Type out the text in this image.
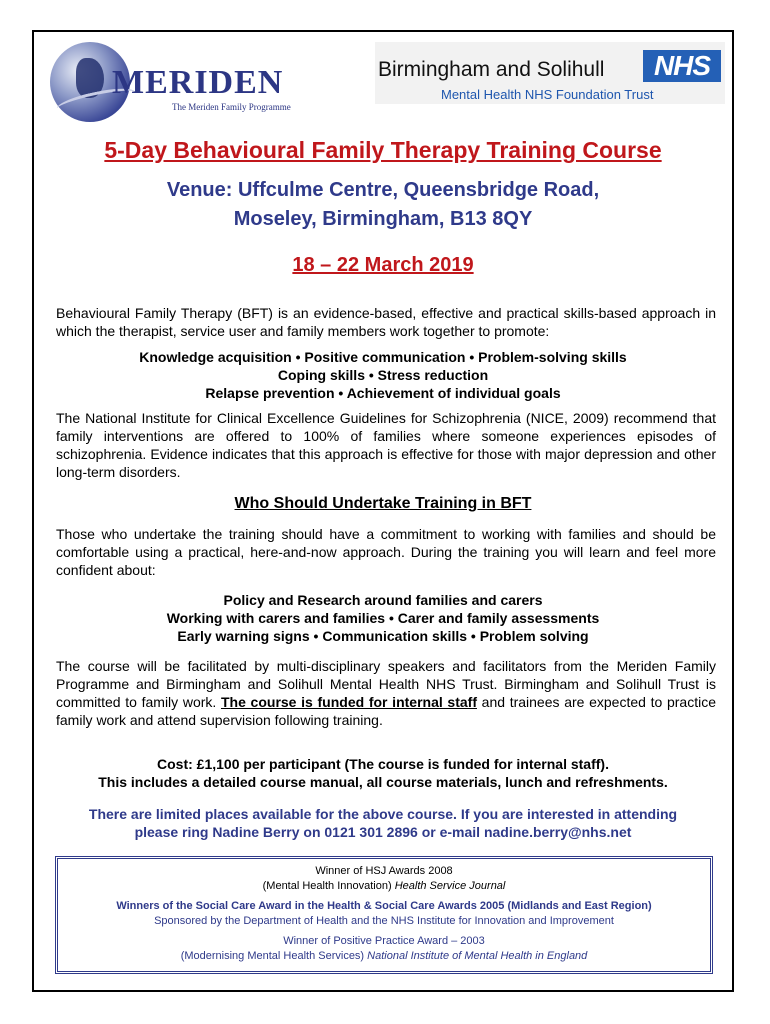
MERIDEN
The Meriden Family Programme
Birmingham and Solihull	NHS
Mental Health NHS Foundation Trust
5-Day Behavioural Family Therapy Training Course
Venue: Uffculme Centre, Queensbridge Road,
Moseley, Birmingham, B13 8QY
18 – 22 March 2019

Behavioural Family Therapy (BFT) is an evidence-based, effective and practical skills-based approach in which the therapist, service user and family members work together to promote:

Knowledge acquisition • Positive communication • Problem-solving skills
Coping skills • Stress reduction
Relapse prevention • Achievement of individual goals

The National Institute for Clinical Excellence Guidelines for Schizophrenia (NICE, 2009) recommend that family interventions are offered to 100% of families where someone experiences episodes of schizophrenia. Evidence indicates that this approach is effective for those with major depression and other long-term disorders.

Who Should Undertake Training in BFT

Those who undertake the training should have a commitment to working with families and should be comfortable using a practical, here-and-now approach. During the training you will learn and feel more confident about:

Policy and Research around families and carers
Working with carers and families • Carer and family assessments
Early warning signs • Communication skills • Problem solving

The course will be facilitated by multi-disciplinary speakers and facilitators from the Meriden Family Programme and Birmingham and Solihull Mental Health NHS Trust. Birmingham and Solihull Trust is committed to family work. The course is funded for internal staff and trainees are expected to practice family work and attend supervision following training.

Cost: £1,100 per participant (The course is funded for internal staff).
This includes a detailed course manual, all course materials, lunch and refreshments.
There are limited places available for the above course. If you are interested in attending
please ring Nadine Berry on 0121 301 2896 or e-mail nadine.berry@nhs.net
Winner of HSJ Awards 2008
(Mental Health Innovation) Health Service Journal
Winners of the Social Care Award in the Health & Social Care Awards 2005 (Midlands and East Region)
Sponsored by the Department of Health and the NHS Institute for Innovation and Improvement
Winner of Positive Practice Award – 2003
(Modernising Mental Health Services) National Institute of Mental Health in England
